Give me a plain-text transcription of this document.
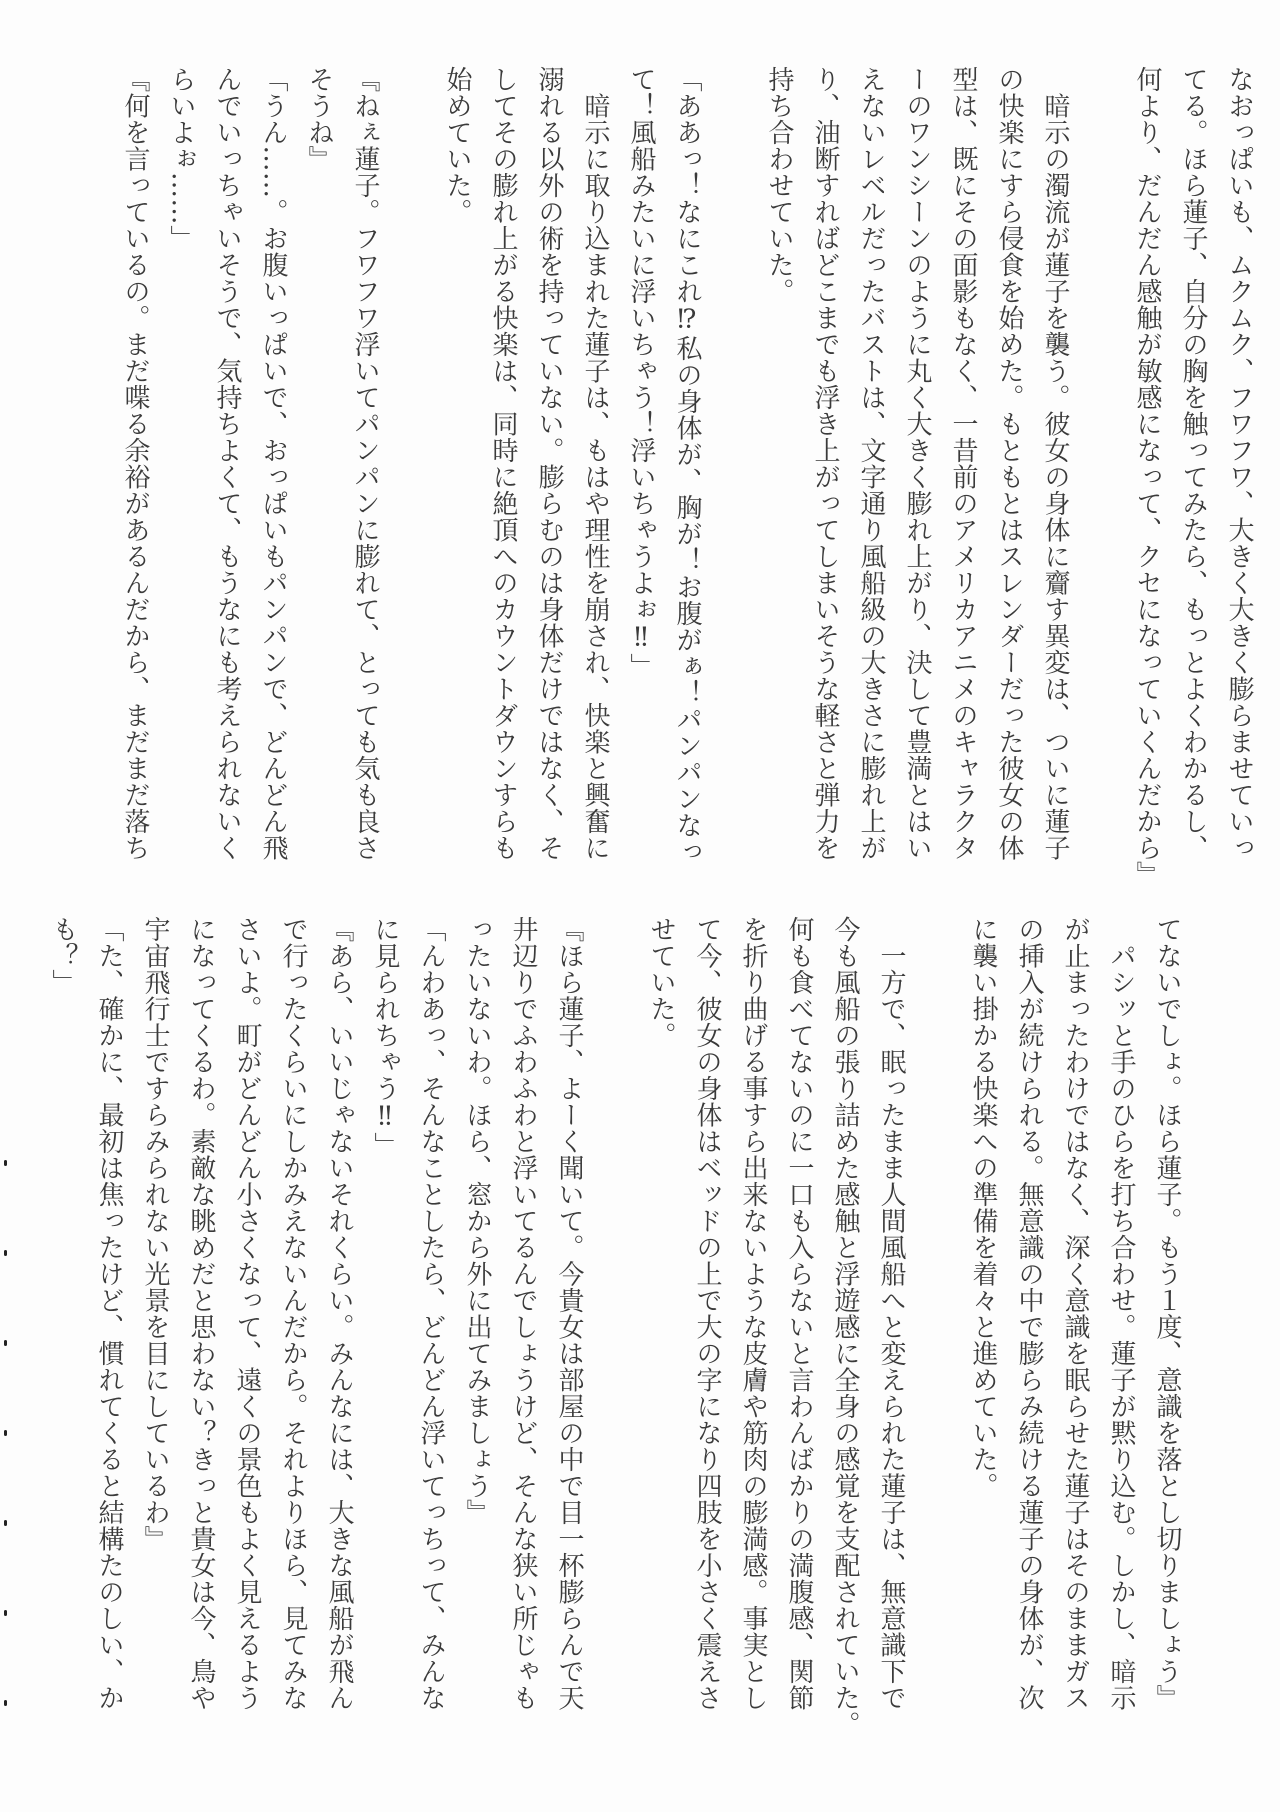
なおっぱいも、ムクムク、フワフワ、大きく大きく膨らませていっ
てる。ほら蓮子、自分の胸を触ってみたら、もっとよくわかるし、
何より、だんだん感触が敏感になって、クセになっていくんだから』
　暗示の濁流が蓮子を襲う。彼女の身体に齎す異変は、ついに蓮子
の快楽にすら侵食を始めた。もともとはスレンダーだった彼女の体
型は、既にその面影もなく、一昔前のアメリカアニメのキャラクタ
ーのワンシーンのように丸く大きく膨れ上がり、決して豊満とはい
えないレベルだったバストは、文字通り風船級の大きさに膨れ上が
り、油断すればどこまでも浮き上がってしまいそうな軽さと弾力を
持ち合わせていた。
「ああっ！なにこれ⁉私の身体が、胸が！お腹がぁ！パンパンなっ
て！風船みたいに浮いちゃう！浮いちゃうよぉ‼」
　暗示に取り込まれた蓮子は、もはや理性を崩され、快楽と興奮に
溺れる以外の術を持っていない。膨らむのは身体だけではなく、そ
してその膨れ上がる快楽は、同時に絶頂へのカウントダウンすらも
始めていた。
『ねぇ蓮子。フワフワ浮いてパンパンに膨れて、とっても気も良さ
そうね』
「うん……。お腹いっぱいで、おっぱいもパンパンで、どんどん飛
んでいっちゃいそうで、気持ちよくて、もうなにも考えられないく
らいよぉ……」
『何を言っているの。まだ喋る余裕があるんだから、まだまだ落ち
てないでしょ。ほら蓮子。もう１度、意識を落とし切りましょう』
　パシッと手のひらを打ち合わせ。蓮子が黙り込む。しかし、暗示
が止まったわけではなく、深く意識を眠らせた蓮子はそのままガス
の挿入が続けられる。無意識の中で膨らみ続ける蓮子の身体が、次
に襲い掛かる快楽への準備を着々と進めていた。
　一方で、眠ったまま人間風船へと変えられた蓮子は、無意識下で
今も風船の張り詰めた感触と浮遊感に全身の感覚を支配されていた。
何も食べてないのに一口も入らないと言わんばかりの満腹感、関節
を折り曲げる事すら出来ないような皮膚や筋肉の膨満感。事実とし
て今、彼女の身体はベッドの上で大の字になり四肢を小さく震えさ
せていた。
『ほら蓮子、よーく聞いて。今貴女は部屋の中で目一杯膨らんで天
井辺りでふわふわと浮いてるんでしょうけど、そんな狭い所じゃも
ったいないわ。ほら、窓から外に出てみましょう』
「んわあっ、そんなことしたら、どんどん浮いてっちって、みんな
に見られちゃう‼」
『あら、いいじゃないそれくらい。みんなには、大きな風船が飛ん
で行ったくらいにしかみえないんだから。それよりほら、見てみな
さいよ。町がどんどん小さくなって、遠くの景色もよく見えるよう
になってくるわ。素敵な眺めだと思わない？きっと貴女は今、鳥や
宇宙飛行士ですらみられない光景を目にしているわ』
「た、確かに、最初は焦ったけど、慣れてくると結構たのしい、か
も？」
